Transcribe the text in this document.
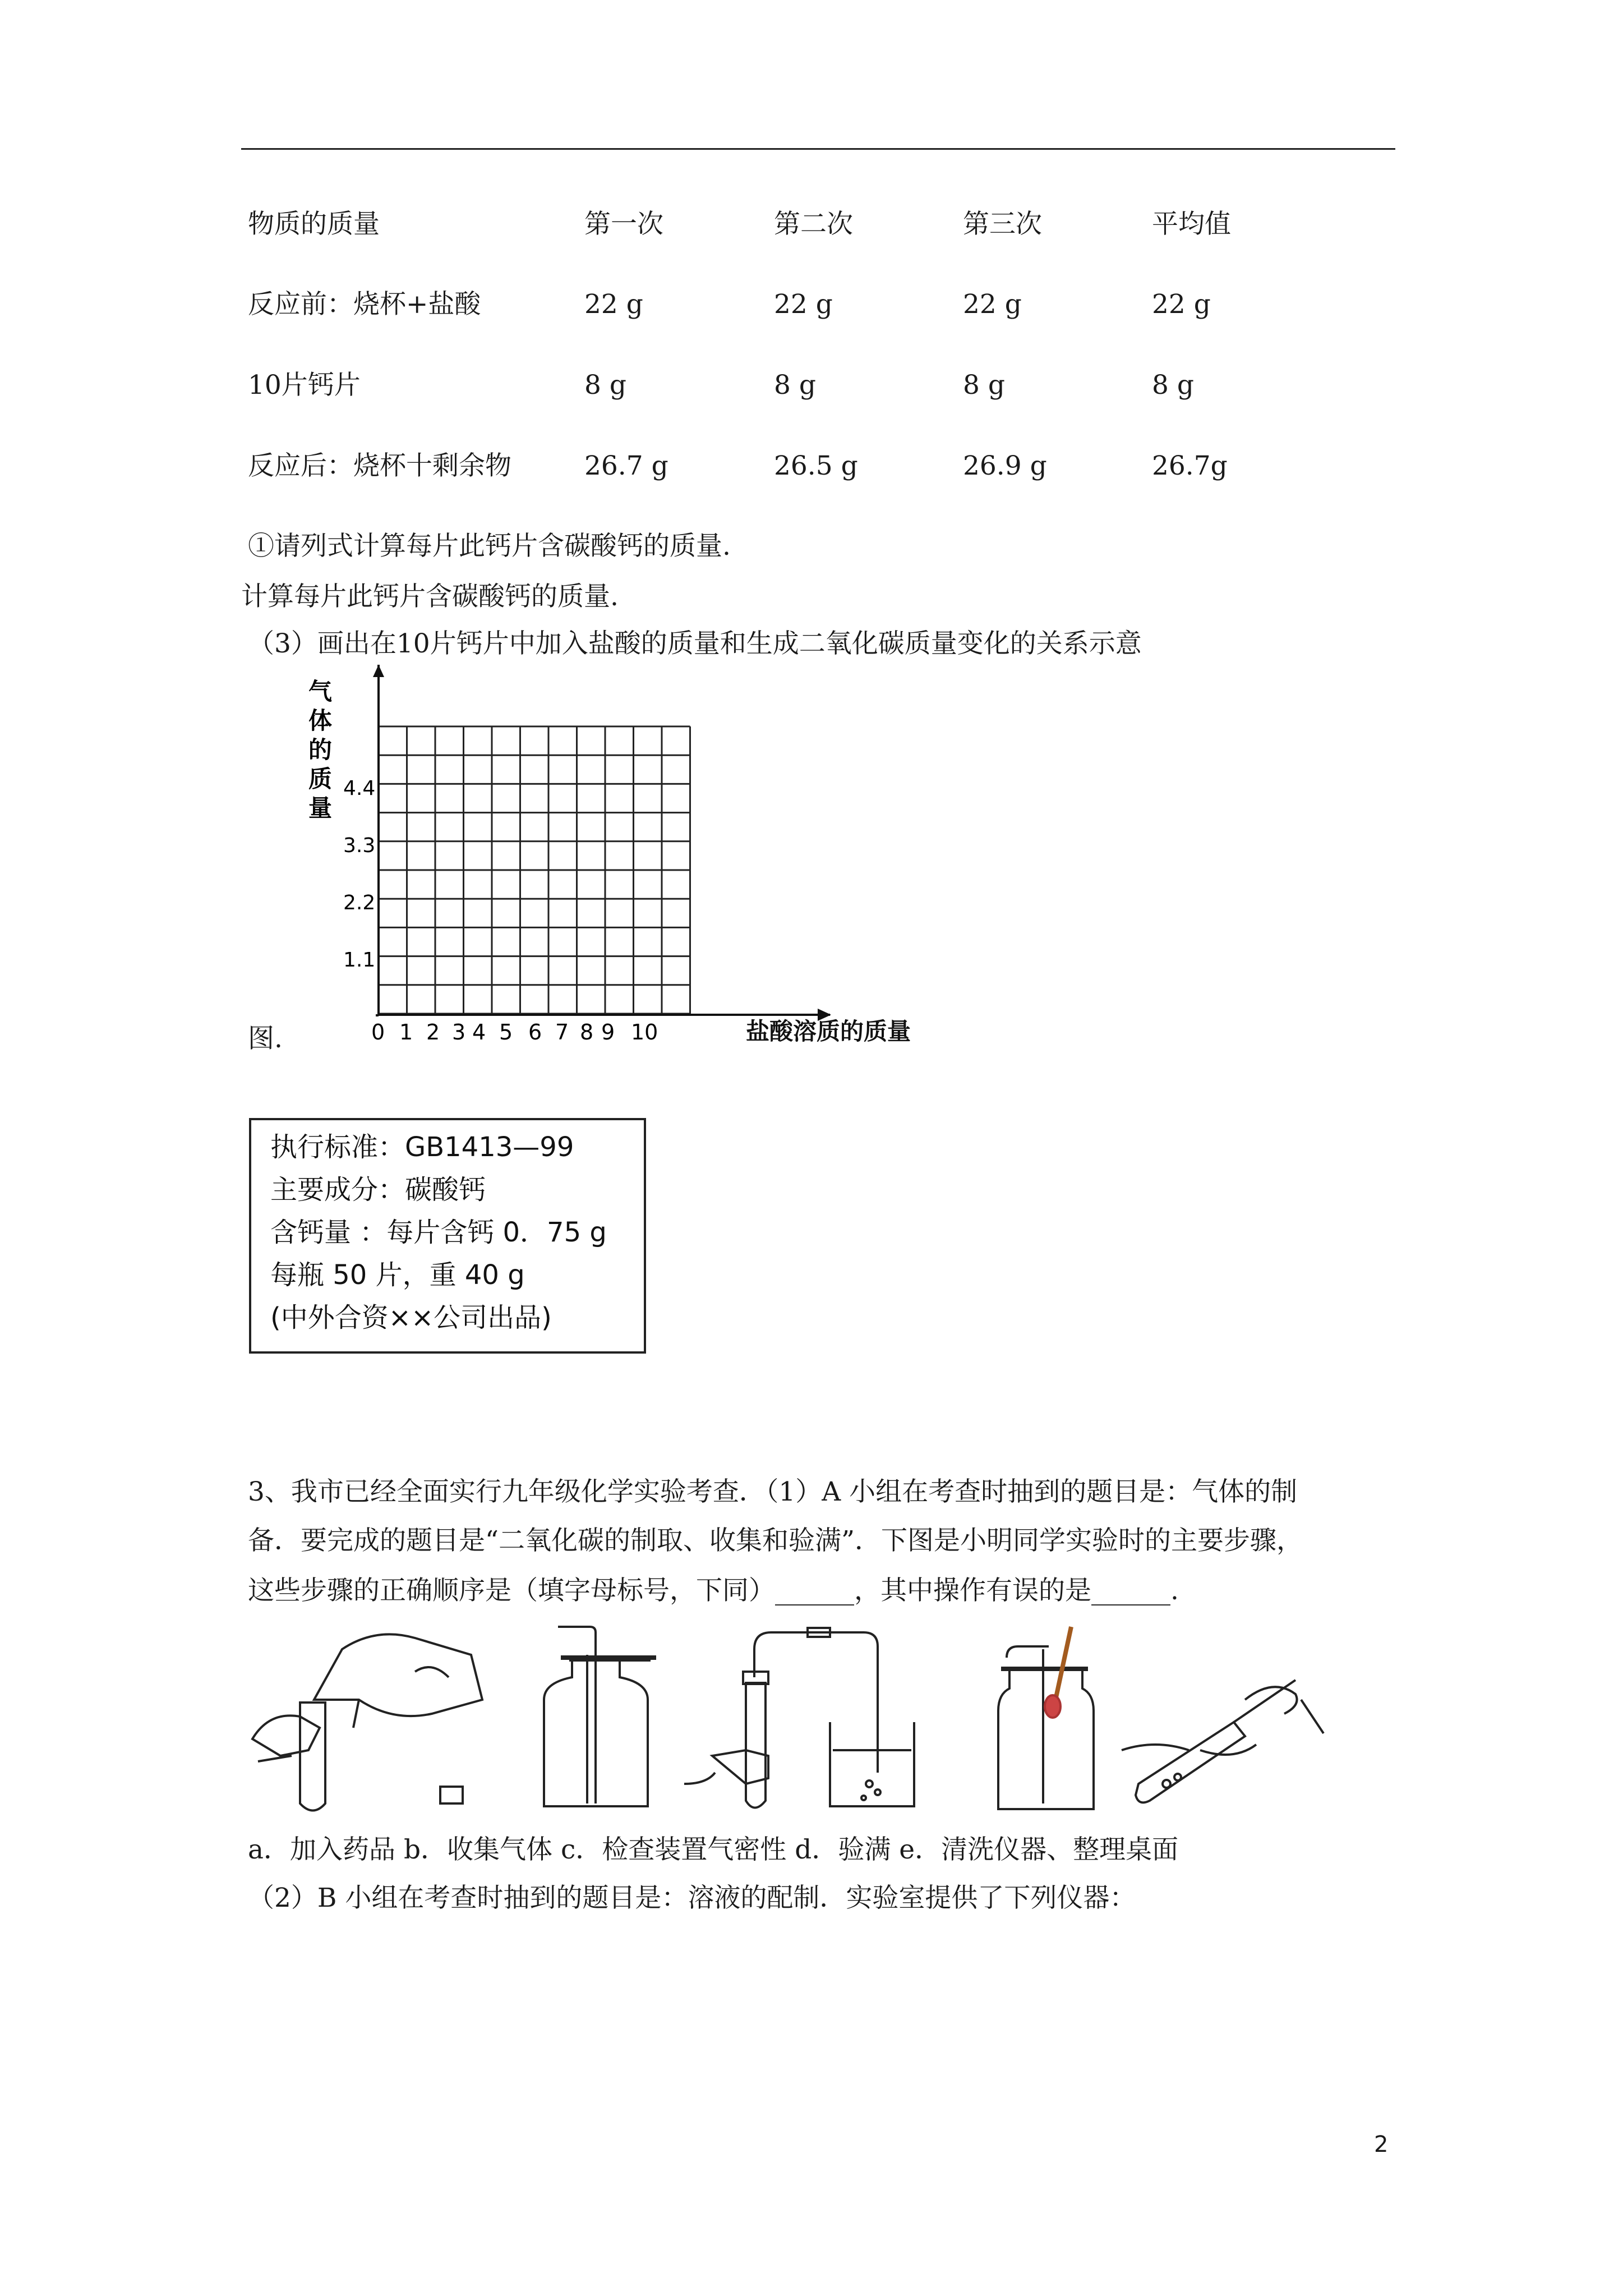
物质的质量	第一次	第二次	第三次	平均值
反应前：烧杯+盐酸	22 g	22 g	22 g	22 g
10片钙片	8 g	8 g	8 g	8 g
反应后：烧杯十剩余物	26.7 g	26.5 g	26.9 g	26.7g
①请列式计算每片此钙片含碳酸钙的质量.
计算每片此钙片含碳酸钙的质量.
（3）画出在10片钙片中加入盐酸的质量和生成二氧化碳质量变化的关系示意
气
体
的
质
量
4.4
3.3
2.2
1.1
0 1 2 3 4 5 6 7 8 9 10	盐酸溶质的质量
图.
执行标准：GB1413—99
主要成分：碳酸钙
含钙量 ：每片含钙 0．75 g
每瓶 50 片，重 40 g
(中外合资××公司出品)
3、我市已经全面实行九年级化学实验考查．（1）A 小组在考查时抽到的题目是：气体的制
备．要完成的题目是“二氧化碳的制取、收集和验满”．下图是小明同学实验时的主要步骤，
这些步骤的正确顺序是（填字母标号，下同）______，其中操作有误的是______.
a．加入药品 b．收集气体 c．检查装置气密性 d．验满 e．清洗仪器、整理桌面
（2）B 小组在考查时抽到的题目是：溶液的配制．实验室提供了下列仪器：
2
